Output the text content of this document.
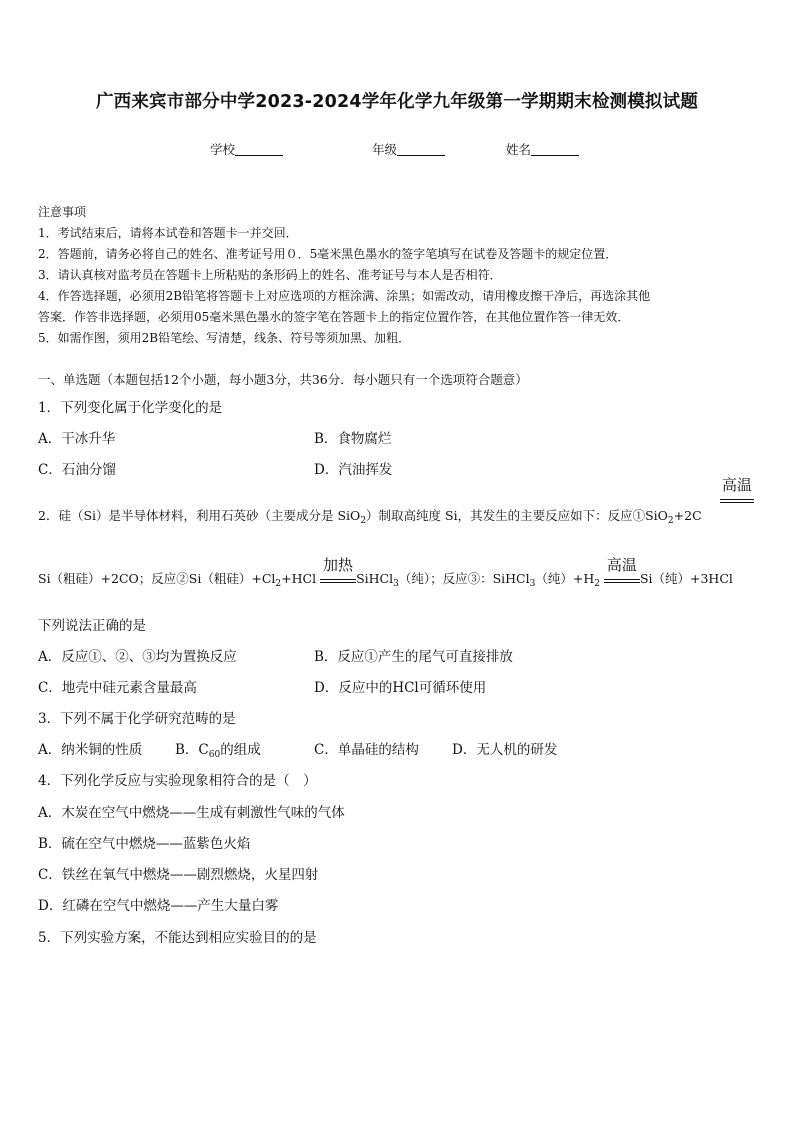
广西来宾市部分中学2023-2024学年化学九年级第一学期期末检测模拟试题
学校	年级	姓名
注意事项
1．考试结束后，请将本试卷和答题卡一并交回．
2．答题前，请务必将自己的姓名、准考证号用０．5毫米黑色墨水的签字笔填写在试卷及答题卡的规定位置．
3．请认真核对监考员在答题卡上所粘贴的条形码上的姓名、准考证号与本人是否相符．
4．作答选择题，必须用2B铅笔将答题卡上对应选项的方框涂满、涂黑；如需改动，请用橡皮擦干净后，再选涂其他
答案．作答非选择题，必须用05毫米黑色墨水的签字笔在答题卡上的指定位置作答，在其他位置作答一律无效．
5．如需作图，须用2B铅笔绘、写清楚，线条、符号等须加黑、加粗．
一、单选题（本题包括12个小题，每小题3分，共36分．每小题只有一个选项符合题意）
1．下列变化属于化学变化的是
A．干冰升华	B．食物腐烂
C．石油分馏	D．汽油挥发
2．硅（Si）是半导体材料，利用石英砂（主要成分是 SiO$_2$）制取高纯度 Si，其发生的主要反应如下：反应①SiO$_2$+2C
高温
Si（粗硅）+2CO；反应②Si（粗硅）$+Cl_2+HCl$
加热
SiHCl$_3$（纯）；反应③：SiHCl$_3$（纯）$+H_2$
高温
Si（纯）+3HCl
下列说法正确的是
A．反应①、②、③均为置换反应	B．反应①产生的尾气可直接排放
C．地壳中硅元素含量最高	D．反应中的HCl可循环使用
3．下列不属于化学研究范畴的是
A．纳米铜的性质 B．$C_{60}$的组成	C．单晶硅的结构 D．无人机的研发
4．下列化学反应与实验现象相符合的是（　）
A．木炭在空气中燃烧——生成有刺激性气味的气体
B．硫在空气中燃烧——蓝紫色火焰
C．铁丝在氧气中燃烧——剧烈燃烧，火星四射
D．红磷在空气中燃烧——产生大量白雾
5．下列实验方案，不能达到相应实验目的的是
